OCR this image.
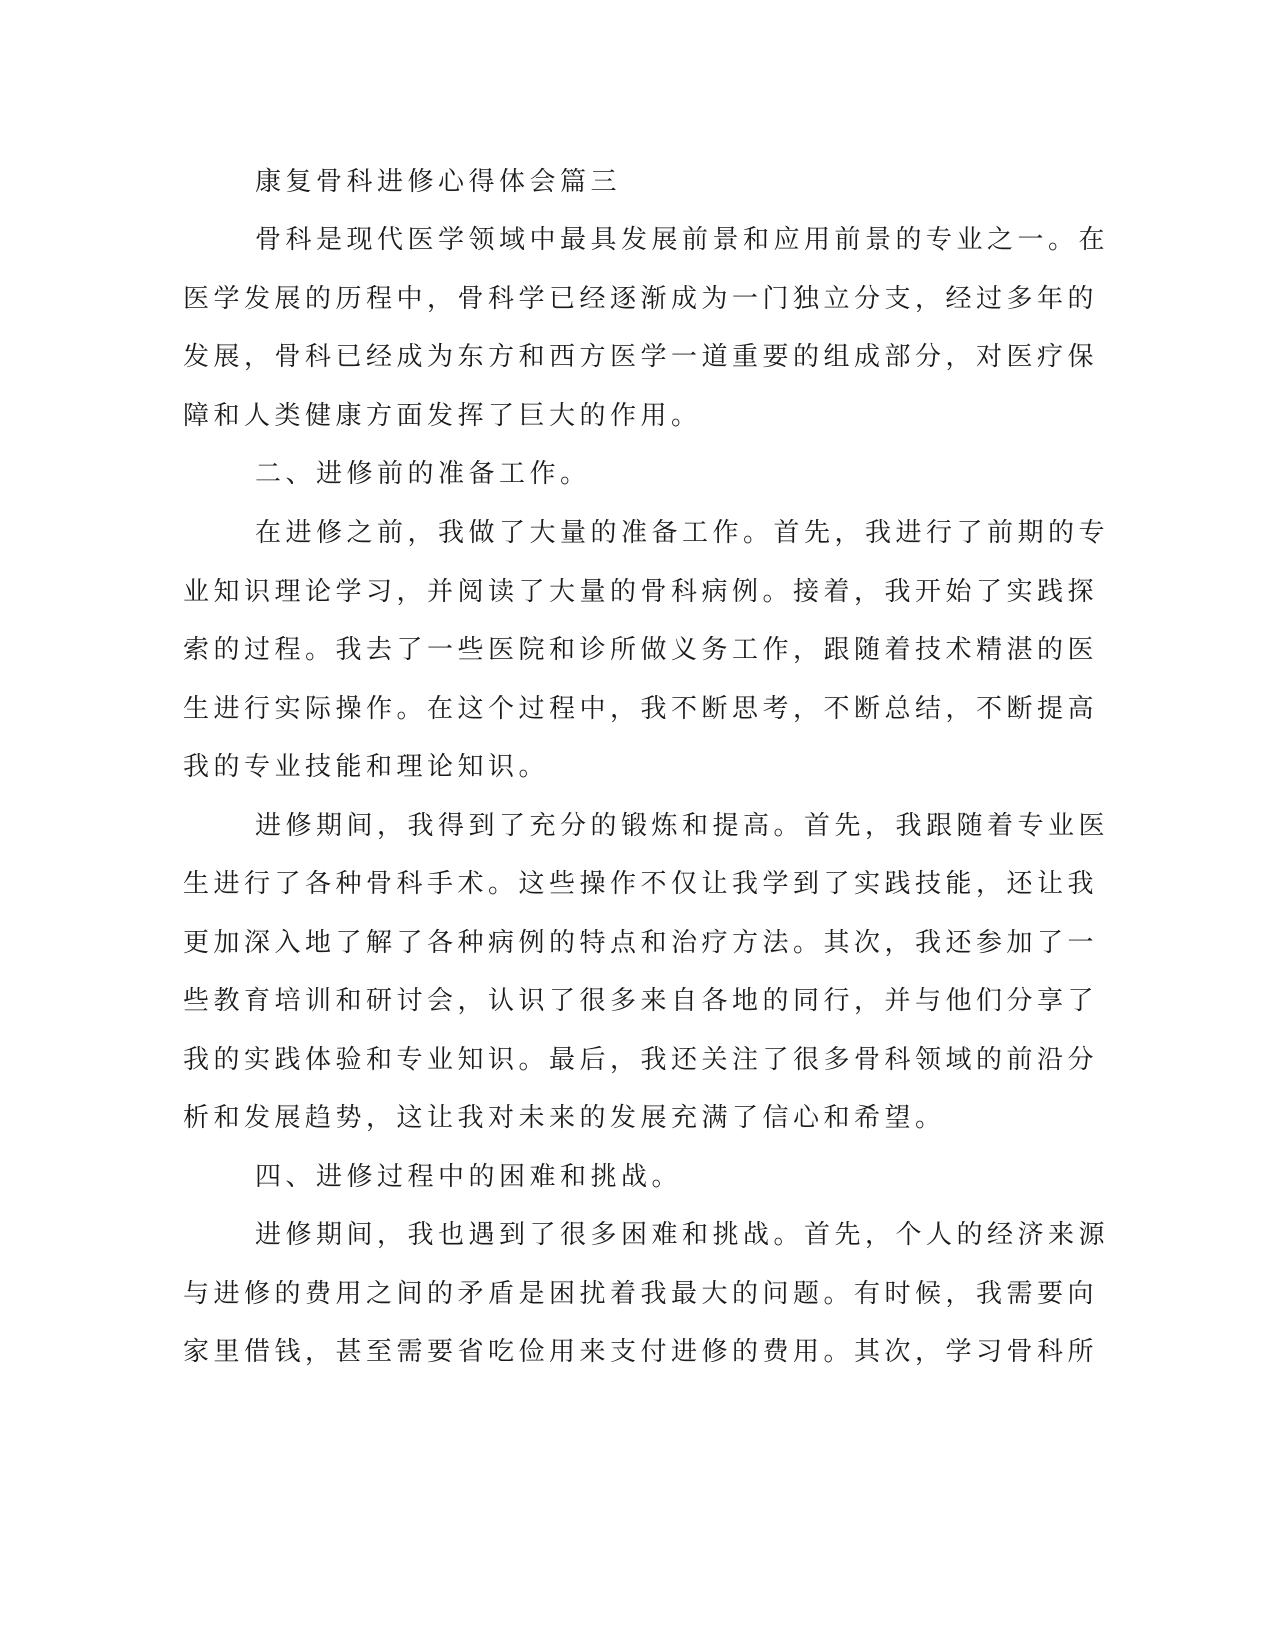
康复骨科进修心得体会篇三

骨科是现代医学领域中最具发展前景和应用前景的专业之一。在

医学发展的历程中，骨科学已经逐渐成为一门独立分支，经过多年的

发展，骨科已经成为东方和西方医学一道重要的组成部分，对医疗保

障和人类健康方面发挥了巨大的作用。

二、进修前的准备工作。

在进修之前，我做了大量的准备工作。首先，我进行了前期的专

业知识理论学习，并阅读了大量的骨科病例。接着，我开始了实践探

索的过程。我去了一些医院和诊所做义务工作，跟随着技术精湛的医

生进行实际操作。在这个过程中，我不断思考，不断总结，不断提高

我的专业技能和理论知识。

进修期间，我得到了充分的锻炼和提高。首先，我跟随着专业医

生进行了各种骨科手术。这些操作不仅让我学到了实践技能，还让我

更加深入地了解了各种病例的特点和治疗方法。其次，我还参加了一

些教育培训和研讨会，认识了很多来自各地的同行，并与他们分享了

我的实践体验和专业知识。最后，我还关注了很多骨科领域的前沿分

析和发展趋势，这让我对未来的发展充满了信心和希望。

四、进修过程中的困难和挑战。

进修期间，我也遇到了很多困难和挑战。首先，个人的经济来源

与进修的费用之间的矛盾是困扰着我最大的问题。有时候，我需要向

家里借钱，甚至需要省吃俭用来支付进修的费用。其次，学习骨科所
